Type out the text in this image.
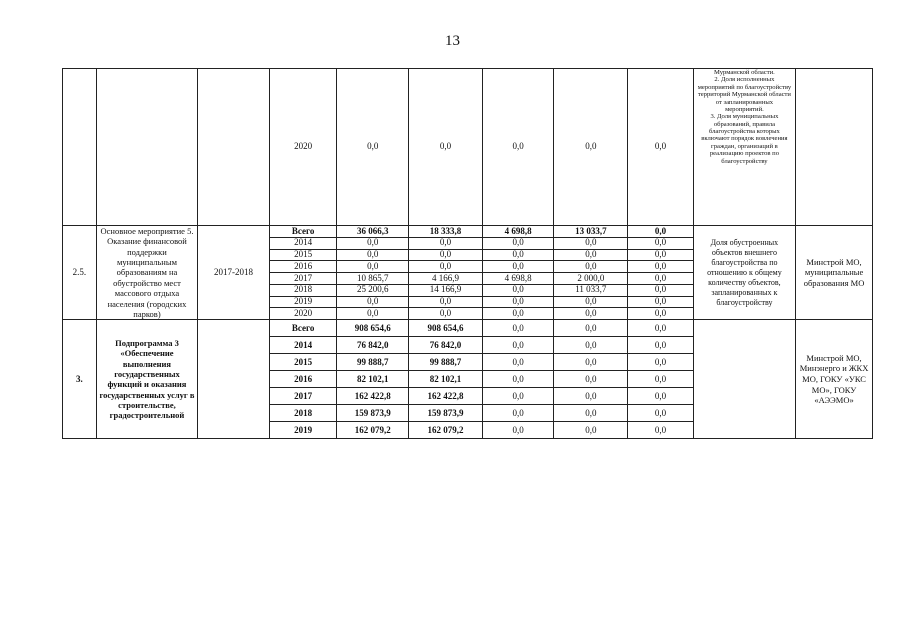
13
			2020	0,0	0,0	0,0	0,0	0,0	Мурманской области.
2. Доля исполненных мероприятий по благоустройству территорий Мурманской области от запланированных мероприятий.
3. Доля муниципальных образований, правила благоустройства которых включают порядок вовлечения граждан, организаций в реализацию проектов по благоустройству	

2.5.	Основное мероприятие 5. Оказание финансовой поддержки муниципальным образованиям на обустройство мест массового отдыха населения (городских парков)	2017-2018	Всего	36 066,3	18 333,8	4 698,8	13 033,7	0,0	Доля обустроенных объектов внешнего благоустройства по отношению к общему количеству объектов, запланированных к благоустройству	Минстрой МО, муниципальные образования МО
			2014	0,0	0,0	0,0	0,0	0,0		
			2015	0,0	0,0	0,0	0,0	0,0		
			2016	0,0	0,0	0,0	0,0	0,0		
			2017	10 865,7	4 166,9	4 698,8	2 000,0	0,0		
			2018	25 200,6	14 166,9	0,0	11 033,7	0,0		
			2019	0,0	0,0	0,0	0,0	0,0		
			2020	0,0	0,0	0,0	0,0	0,0		
3.	Подпрограмма 3 «Обеспечение выполнения государственных функций и оказания государственных услуг в строительстве, градостроительной		Всего	908 654,6	908 654,6	0,0	0,0	0,0		Минстрой МО, Минэнерго и ЖКХ МО, ГОКУ «УКС МО», ГОКУ «АЭЭМО»
			2014	76 842,0	76 842,0	0,0	0,0	0,0		
			2015	99 888,7	99 888,7	0,0	0,0	0,0		
			2016	82 102,1	82 102,1	0,0	0,0	0,0		
			2017	162 422,8	162 422,8	0,0	0,0	0,0		
			2018	159 873,9	159 873,9	0,0	0,0	0,0		
			2019	162 079,2	162 079,2	0,0	0,0	0,0		
